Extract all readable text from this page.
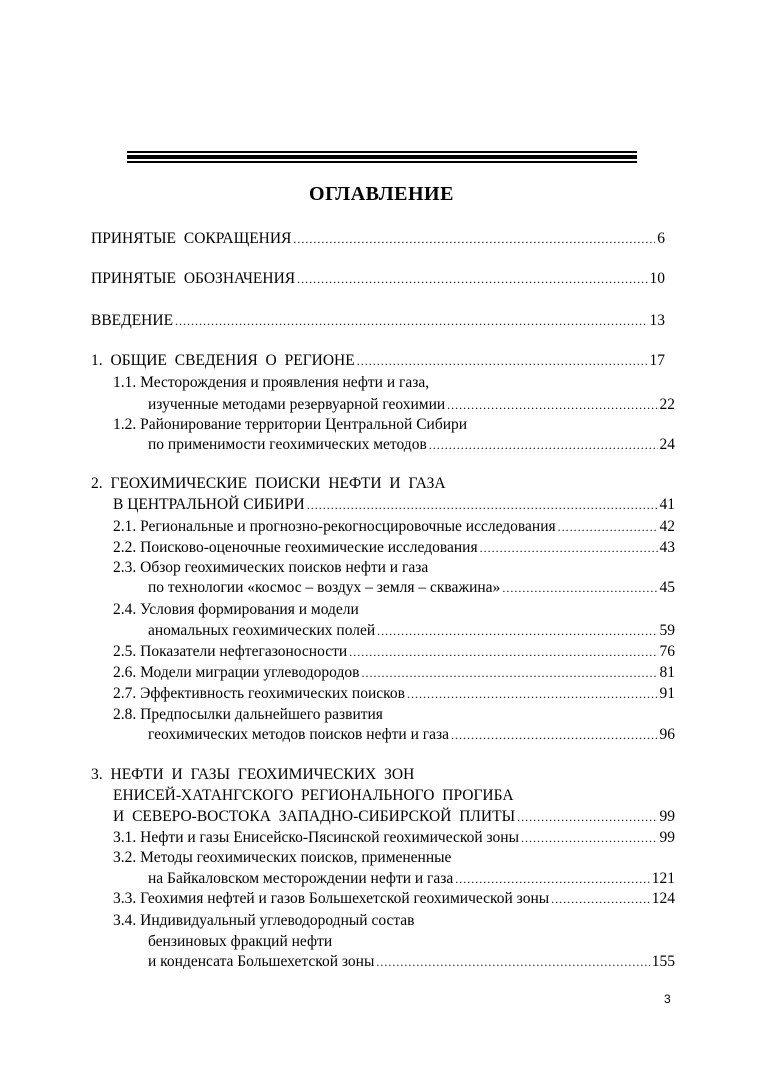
ОГЛАВЛЕНИЕ
ПРИНЯТЫЕ СОКРАЩЕНИЯ .....	6
ПРИНЯТЫЕ ОБОЗНАЧЕНИЯ .....	10
ВВЕДЕНИЕ .....	13
1. ОБЩИЕ СВЕДЕНИЯ О РЕГИОНЕ .....	17
1.1. Месторождения и проявления нефти и газа,
изученные методами резервуарной геохимии .....	22
1.2. Районирование территории Центральной Сибири
по применимости геохимических методов .....	24
2. ГЕОХИМИЧЕСКИЕ ПОИСКИ НЕФТИ И ГАЗА
В ЦЕНТРАЛЬНОЙ СИБИРИ .....	41
2.1. Региональные и прогнозно-рекогносцировочные исследования .....	42
2.2. Поисково-оценочные геохимические исследования .....	43
2.3. Обзор геохимических поисков нефти и газа
по технологии «космос – воздух – земля – скважина» .....	45
2.4. Условия формирования и модели
аномальных геохимических полей .....	59
2.5. Показатели нефтегазоносности .....	76
2.6. Модели миграции углеводородов .....	81
2.7. Эффективность геохимических поисков .....	91
2.8. Предпосылки дальнейшего развития
геохимических методов поисков нефти и газа .....	96
3. НЕФТИ И ГАЗЫ ГЕОХИМИЧЕСКИХ ЗОН
ЕНИСЕЙ-ХАТАНГСКОГО РЕГИОНАЛЬНОГО ПРОГИБА
И СЕВЕРО-ВОСТОКА ЗАПАДНО-СИБИРСКОЙ ПЛИТЫ .....	99
3.1. Нефти и газы Енисейско-Пясинской геохимической зоны .....	99
3.2. Методы геохимических поисков, примененные
на Байкаловском месторождении нефти и газа .....	121
3.3. Геохимия нефтей и газов Большехетской геохимической зоны .....	124
3.4. Индивидуальный углеводородный состав
бензиновых фракций нефти
и конденсата Большехетской зоны .....	155
3
